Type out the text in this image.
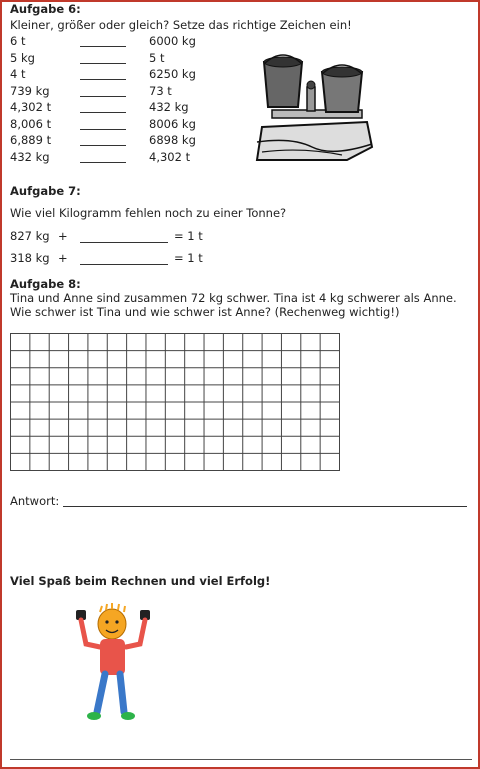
Aufgabe 6:
Kleiner, größer oder gleich? Setze das richtige Zeichen ein!
6 t	6000 kg
5 kg	5 t
4 t	6250 kg
739 kg	73 t
4,302 t	432 kg
8,006 t	8006 kg
6,889 t	6898 kg
432 kg	4,302 t
Aufgabe 7:
Wie viel Kilogramm fehlen noch zu einer Tonne?
827 kg +	= 1 t
318 kg +	= 1 t
Aufgabe 8:
Tina und Anne sind zusammen 72 kg schwer. Tina ist 4 kg schwerer als Anne.
Wie schwer ist Tina und wie schwer ist Anne? (Rechenweg wichtig!)
Antwort:
Viel Spaß beim Rechnen und viel Erfolg!
